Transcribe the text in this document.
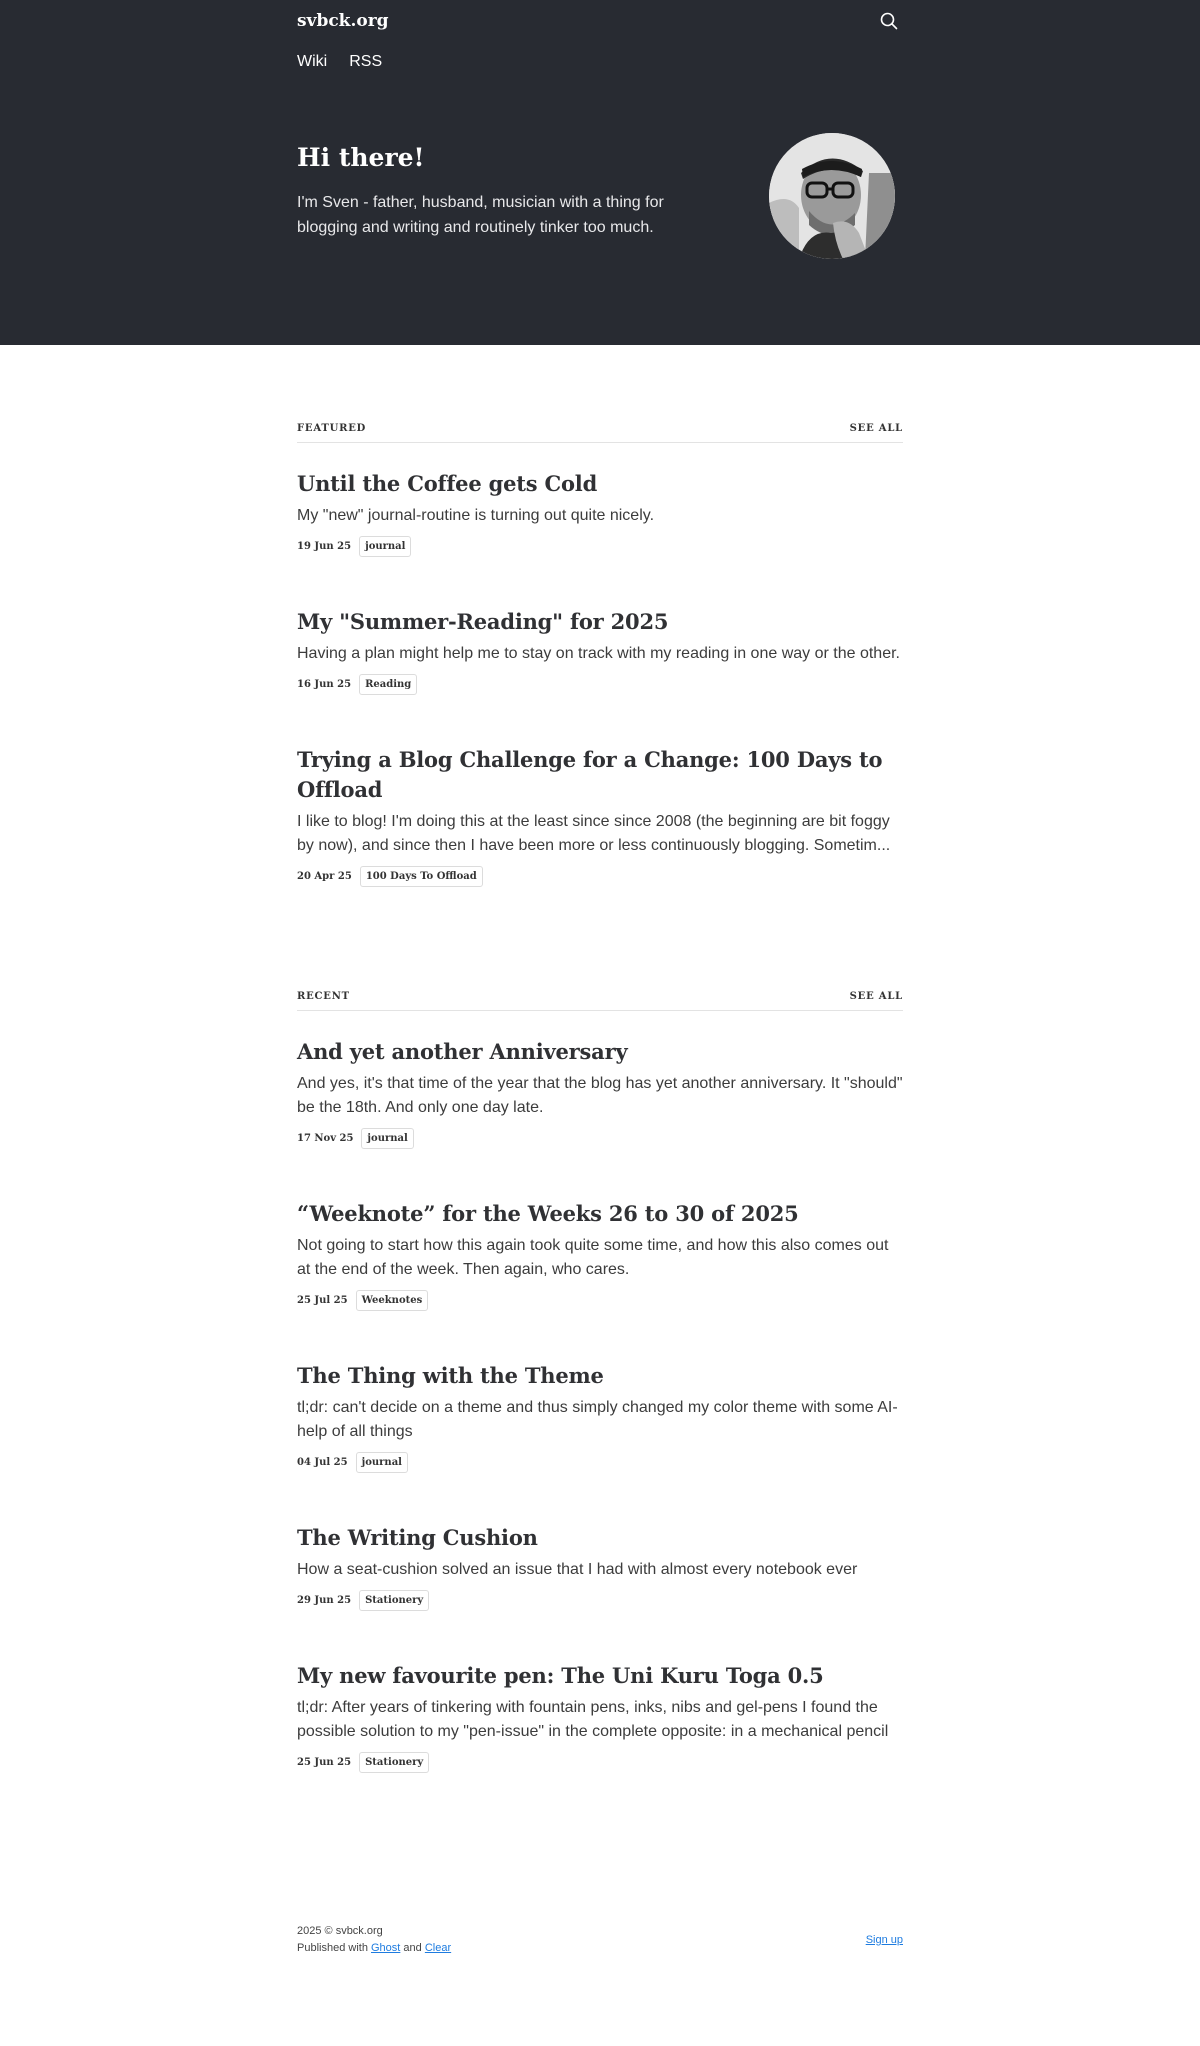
svbck.org
Wiki RSS
Hi there!

I'm Sven - father, husband, musician with a thing for blogging and writing and routinely tinker too much.

FEATURED	SEE ALL
Until the Coffee gets Cold

My "new" journal-routine is turning out quite nicely.

19 Jun 25	journal
My "Summer-Reading" for 2025

Having a plan might help me to stay on track with my reading in one way or the other.

16 Jun 25	Reading
Trying a Blog Challenge for a Change: 100 Days to Offload

I like to blog! I'm doing this at the least since since 2008 (the beginning are bit foggy by now), and since then I have been more or less continuously blogging. Sometim...

20 Apr 25	100 Days To Offload
RECENT	SEE ALL
And yet another Anniversary

And yes, it's that time of the year that the blog has yet another anniversary. It "should" be the 18th. And only one day late.

17 Nov 25	journal
“Weeknote” for the Weeks 26 to 30 of 2025

Not going to start how this again took quite some time, and how this also comes out at the end of the week. Then again, who cares.

25 Jul 25	Weeknotes
The Thing with the Theme

tl;dr: can't decide on a theme and thus simply changed my color theme with some AI-help of all things

04 Jul 25	journal
The Writing Cushion

How a seat-cushion solved an issue that I had with almost every notebook ever

29 Jun 25	Stationery
My new favourite pen: The Uni Kuru Toga 0.5

tl;dr: After years of tinkering with fountain pens, inks, nibs and gel-pens I found the possible solution to my "pen-issue" in the complete opposite: in a mechanical pencil

25 Jun 25	Stationery
2025 © svbck.org
Published with Ghost and Clear
Sign up
